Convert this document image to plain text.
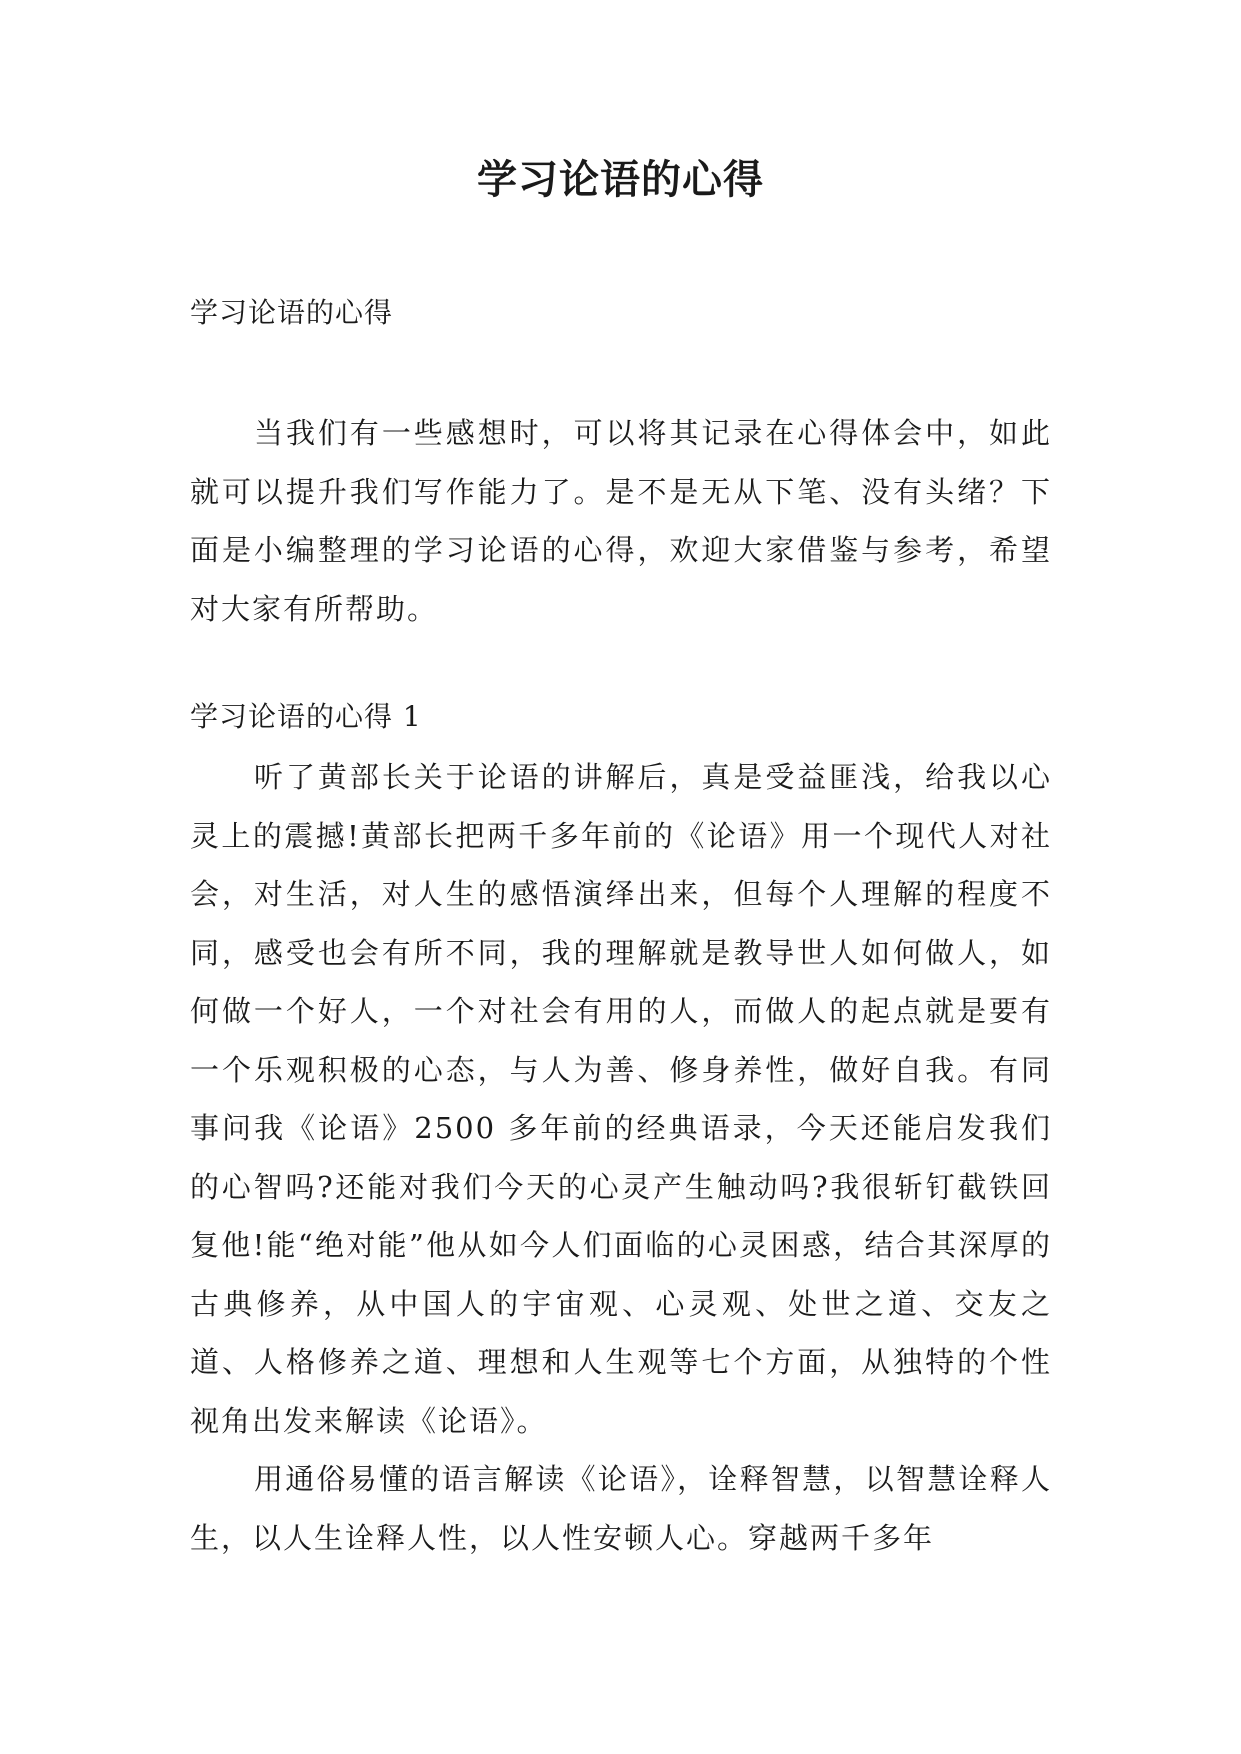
学习论语的心得

学习论语的心得

当我们有一些感想时，可以将其记录在心得体会中，如此就可以提升我们写作能力了。是不是无从下笔、没有头绪？下面是小编整理的学习论语的心得，欢迎大家借鉴与参考，希望对大家有所帮助。

学习论语的心得 1

听了黄部长关于论语的讲解后，真是受益匪浅，给我以心灵上的震撼!黄部长把两千多年前的《论语》用一个现代人对社会，对生活，对人生的感悟演绎出来，但每个人理解的程度不同，感受也会有所不同，我的理解就是教导世人如何做人，如何做一个好人，一个对社会有用的人，而做人的起点就是要有一个乐观积极的心态，与人为善、修身养性，做好自我。有同事问我《论语》2500 多年前的经典语录，今天还能启发我们的心智吗?还能对我们今天的心灵产生触动吗?我很斩钉截铁回复他!能“绝对能”他从如今人们面临的心灵困惑，结合其深厚的古典修养，从中国人的宇宙观、心灵观、处世之道、交友之道、人格修养之道、理想和人生观等七个方面，从独特的个性视角出发来解读《论语》。

用通俗易懂的语言解读《论语》，诠释智慧，以智慧诠释人生，以人生诠释人性，以人性安顿人心。穿越两千多年
